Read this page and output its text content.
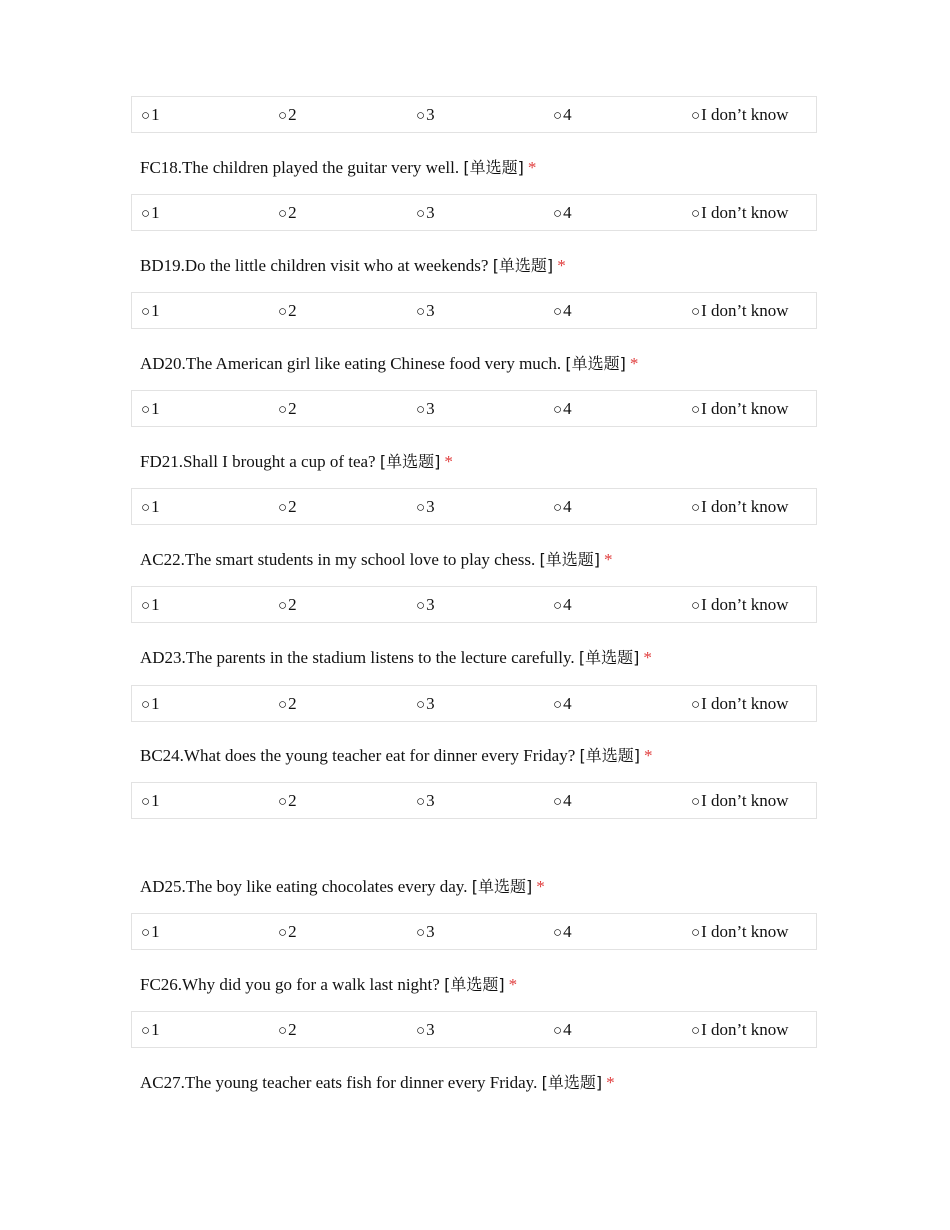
○1	○2	○3	○4	○I don’t know
FC18.The children played the guitar very well. [单选题] *
○1	○2	○3	○4	○I don’t know
BD19.Do the little children visit who at weekends? [单选题] *
○1	○2	○3	○4	○I don’t know
AD20.The American girl like eating Chinese food very much. [单选题] *
○1	○2	○3	○4	○I don’t know
FD21.Shall I brought a cup of tea? [单选题] *
○1	○2	○3	○4	○I don’t know
AC22.The smart students in my school love to play chess. [单选题] *
○1	○2	○3	○4	○I don’t know
AD23.The parents in the stadium listens to the lecture carefully. [单选题] *
○1	○2	○3	○4	○I don’t know
BC24.What does the young teacher eat for dinner every Friday? [单选题] *
○1	○2	○3	○4	○I don’t know
AD25.The boy like eating chocolates every day. [单选题] *
○1	○2	○3	○4	○I don’t know
FC26.Why did you go for a walk last night? [单选题] *
○1	○2	○3	○4	○I don’t know
AC27.The young teacher eats fish for dinner every Friday. [单选题] *
